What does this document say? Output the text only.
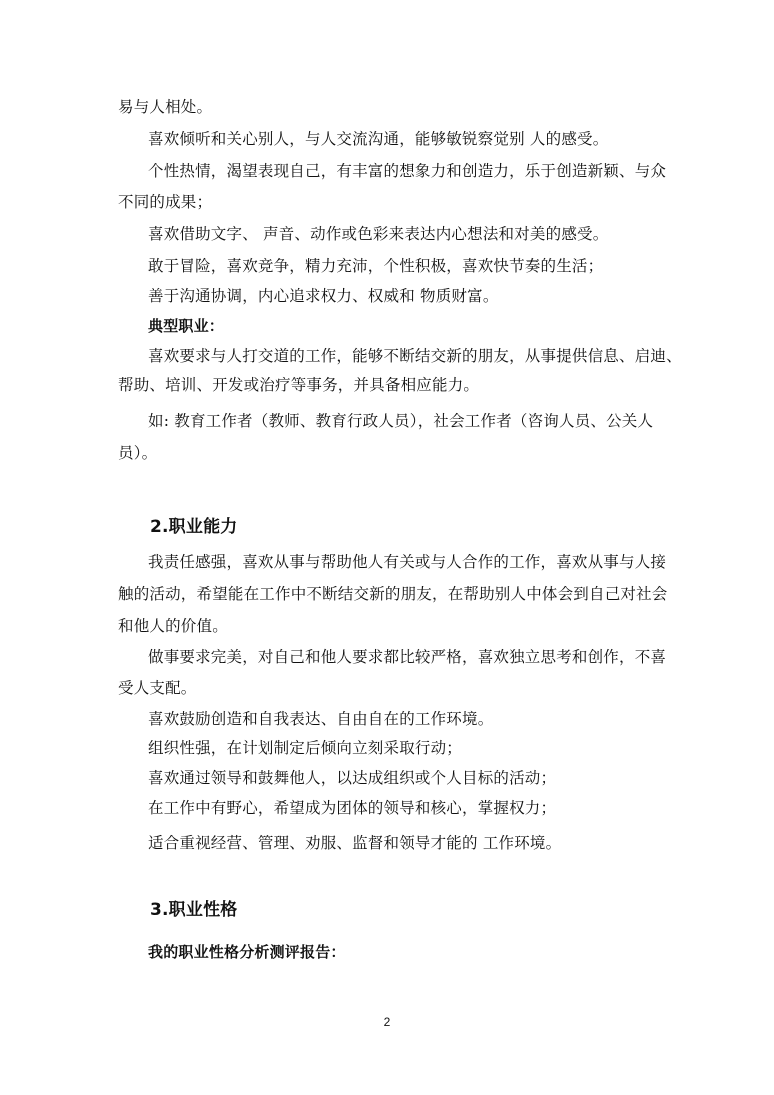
易与人相处。
喜欢倾听和关心别人，与人交流沟通，能够敏锐察觉别 人的感受。
个性热情，渴望表现自己，有丰富的想象力和创造力，乐于创造新颖、与众
不同的成果；
喜欢借助文字、 声音、动作或色彩来表达内心想法和对美的感受。
敢于冒险，喜欢竞争，精力充沛，个性积极，喜欢快节奏的生活；
善于沟通协调，内心追求权力、权威和 物质财富。
典型职业：
喜欢要求与人打交道的工作，能够不断结交新的朋友，从事提供信息、启迪、
帮助、培训、开发或治疗等事务，并具备相应能力。
如: 教育工作者（教师、教育行政人员），社会工作者（咨询人员、公关人
员）。
2.职业能力
我责任感强，喜欢从事与帮助他人有关或与人合作的工作，喜欢从事与人接
触的活动，希望能在工作中不断结交新的朋友，在帮助别人中体会到自己对社会
和他人的价值。
做事要求完美，对自己和他人要求都比较严格，喜欢独立思考和创作，不喜
受人支配。
喜欢鼓励创造和自我表达、自由自在的工作环境。
组织性强，在计划制定后倾向立刻采取行动；
喜欢通过领导和鼓舞他人，以达成组织或个人目标的活动；
在工作中有野心，希望成为团体的领导和核心，掌握权力；
适合重视经营、管理、劝服、监督和领导才能的 工作环境。
3.职业性格
我的职业性格分析测评报告：
2
